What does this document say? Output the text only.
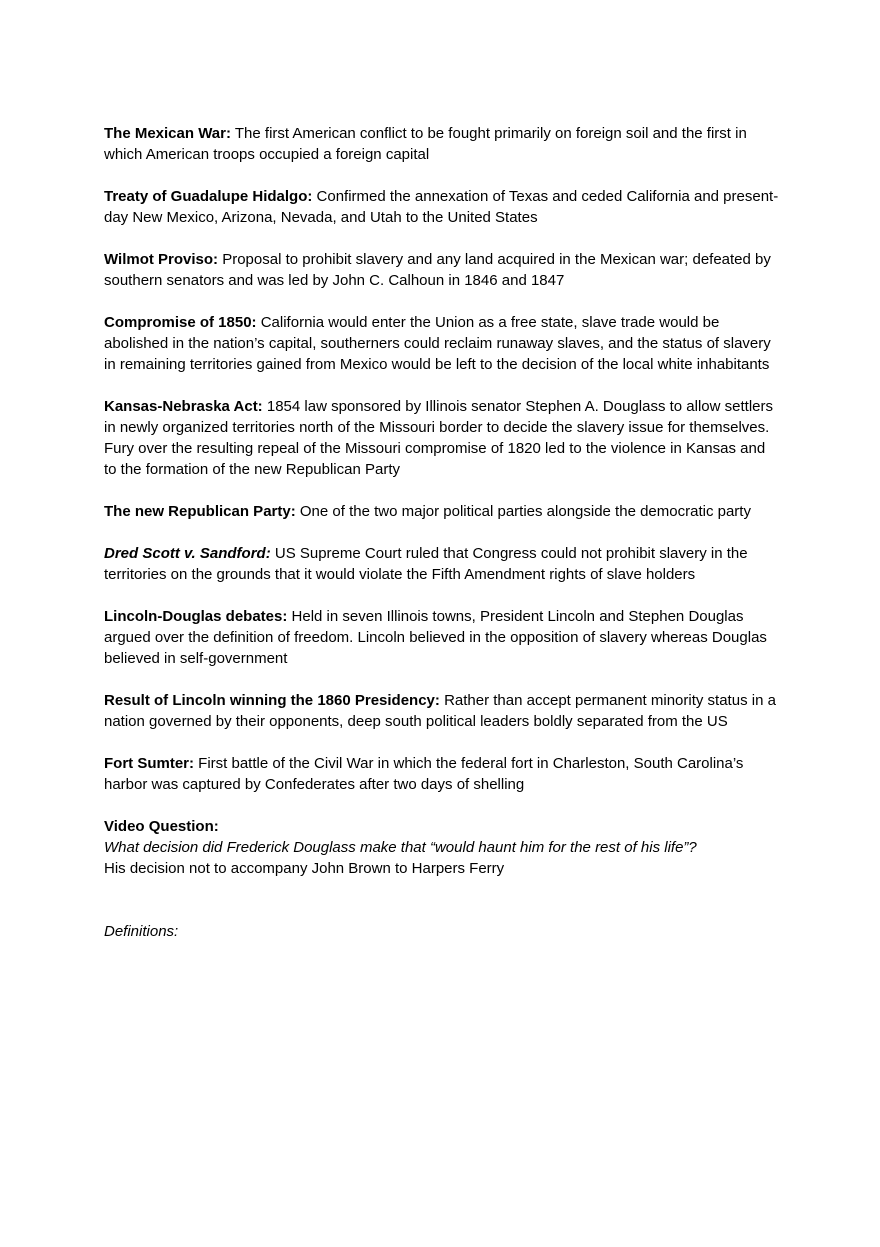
The Mexican War: The first American conflict to be fought primarily on foreign soil and the first in which American troops occupied a foreign capital
Treaty of Guadalupe Hidalgo: Confirmed the annexation of Texas and ceded California and present-day New Mexico, Arizona, Nevada, and Utah to the United States
Wilmot Proviso: Proposal to prohibit slavery and any land acquired in the Mexican war; defeated by southern senators and was led by John C. Calhoun in 1846 and 1847
Compromise of 1850: California would enter the Union as a free state, slave trade would be abolished in the nation’s capital, southerners could reclaim runaway slaves, and the status of slavery in remaining territories gained from Mexico would be left to the decision of the local white inhabitants
Kansas-Nebraska Act: 1854 law sponsored by Illinois senator Stephen A. Douglass to allow settlers in newly organized territories north of the Missouri border to decide the slavery issue for themselves. Fury over the resulting repeal of the Missouri compromise of 1820 led to the violence in Kansas and to the formation of the new Republican Party
The new Republican Party: One of the two major political parties alongside the democratic party
Dred Scott v. Sandford: US Supreme Court ruled that Congress could not prohibit slavery in the territories on the grounds that it would violate the Fifth Amendment rights of slave holders
Lincoln-Douglas debates: Held in seven Illinois towns, President Lincoln and Stephen Douglas argued over the definition of freedom. Lincoln believed in the opposition of slavery whereas Douglas believed in self-government
Result of Lincoln winning the 1860 Presidency: Rather than accept permanent minority status in a nation governed by their opponents, deep south political leaders boldly separated from the US
Fort Sumter: First battle of the Civil War in which the federal fort in Charleston, South Carolina’s harbor was captured by Confederates after two days of shelling
Video Question:
What decision did Frederick Douglass make that “would haunt him for the rest of his life”?
His decision not to accompany John Brown to Harpers Ferry
Definitions:
